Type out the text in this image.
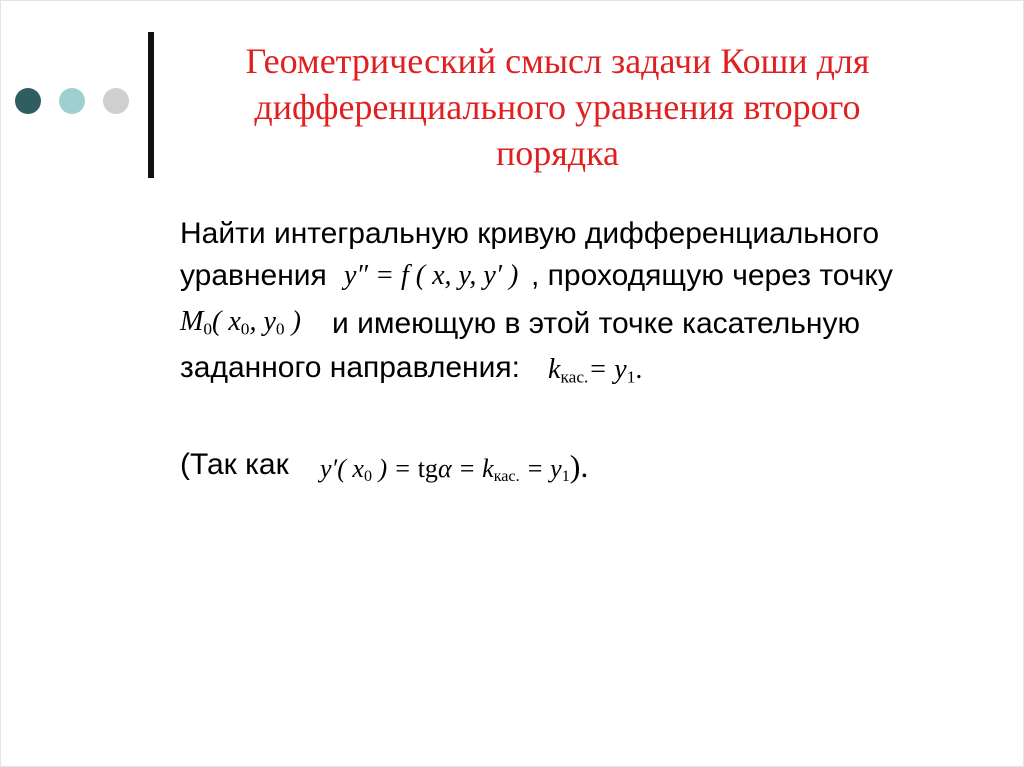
Геометрический смысл задачи Коши для
дифференциального уравнения второго
порядка
Найти интегральную кривую дифференциального
уравнения y″ = f ( x, y, y′ ) , проходящую через точку
$M_0$( $x_0$, $y_0$ ) и имеющую в этой точке касательную
заданного направления: $k_{кас.}= y_1$.
(Так как y′( $x_0$ ) = $tg\alpha = k_{кас.} = y_1$).
